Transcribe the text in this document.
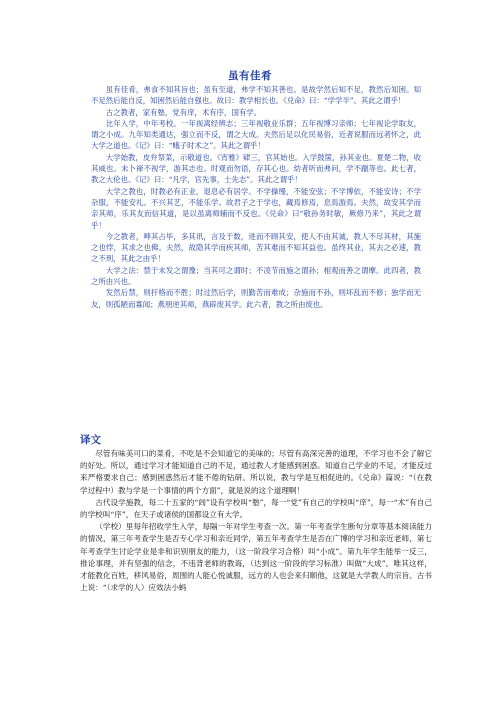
虽有佳肴

虽有佳肴，弗食不知其旨也；虽有至道，弗学不知其善也。是故学然后知不足，教然后知困。知不足然后能自反，知困然后能自强也。故曰：教学相长也。《兑命》曰：“学学半”。其此之谓乎！

古之教者，家有塾，党有庠，术有序，国有学。

比年入学，中年考校。一年视离经辨志；三年视敬业乐群；五年视博习亲师；七年视论学取友，谓之小成。九年知类通达，强立而不反，谓之大成。夫然后足以化民易俗，近者说服而远者怀之，此大学之道也。《记》曰：“蛾子时术之”。其此之谓乎！

大学始教，皮弁祭菜，示敬道也。《宵雅》肄三，官其始也。入学鼓箧，孙其业也。夏楚二物，收其威也。未卜禘不视学，游其志也。时观而勿语，存其心也。幼者听而弗问，学不躐等也。此七者，教之大伦也。《记》曰：“凡学，官先事，士先志”。其此之谓乎！

大学之教也，时教必有正业，退息必有居学。不学操缦，不能安弦；不学博依，不能安诗；不学杂服，不能安礼。不兴其艺，不能乐学。故君子之于学也，藏焉修焉，息焉游焉。夫然，故安其学而亲其师，乐其友而信其道，是以虽离师辅而不反也。《兑命》曰“敬孙务时敏，厥修乃来”，其此之谓乎！

今之教者，呻其占毕，多其讯，言及于数，进而不顾其安，使人不由其诚，教人不尽其材，其施之也悖，其求之也佛。夫然，故隐其学而疾其师，苦其难而不知其益也。虽终其业，其去之必速，教之不刑，其此之由乎！

大学之法：禁于未发之谓豫；当其可之谓时；不凌节而施之谓孙；相观而善之谓摩。此四者，教之所由兴也。

发然后禁，则扞格而不胜；时过然后学，则勤苦而难成；杂施而不孙，则坏乱而不修；独学而无友，则孤陋而寡闻；燕朋逆其师，燕辟废其学。此六者，教之所由废也。

译文

尽管有味美可口的菜肴，不吃是不会知道它的美味的；尽管有高深完善的道理，不学习也不会了解它的好处。所以，通过学习才能知道自己的不足，通过教人才能感到困惑。知道自己学业的不足，才能反过来严格要求自己；感到困惑然后才能不倦的钻研。所以说，教与学是互相促进的。《兑命》篇说：“（在教学过程中）教与学是一个事情的两个方面”，就是说的这个道理啊！

古代设学施教，每二十五家的“闾”设有学校叫“塾”，每一“党”有自己的学校叫“庠”，每一“术”有自己的学校叫“序”，在天子或诸侯的国都设立有大学。

（学校）里每年招收学生入学，每隔一年对学生考查一次。第一年考查学生断句分章等基本阅读能力的情况，第三年考查学生是否专心学习和亲近同学，第五年考查学生是否在广博的学习和亲近老师，第七年考查学生讨论学业是非和识别朋友的能力，（这一阶段学习合格）叫“小成”。第九年学生能举一反三，推论事理，并有坚强的信念，不违背老师的教诲，（达到这一阶段的学习标准）叫做“大成”。唯其这样，才能教化百姓，移风易俗，周围的人能心悦诚服，远方的人也会来归顺他，这就是大学教人的宗旨。古书上说：“（求学的人）应效法小蚂
